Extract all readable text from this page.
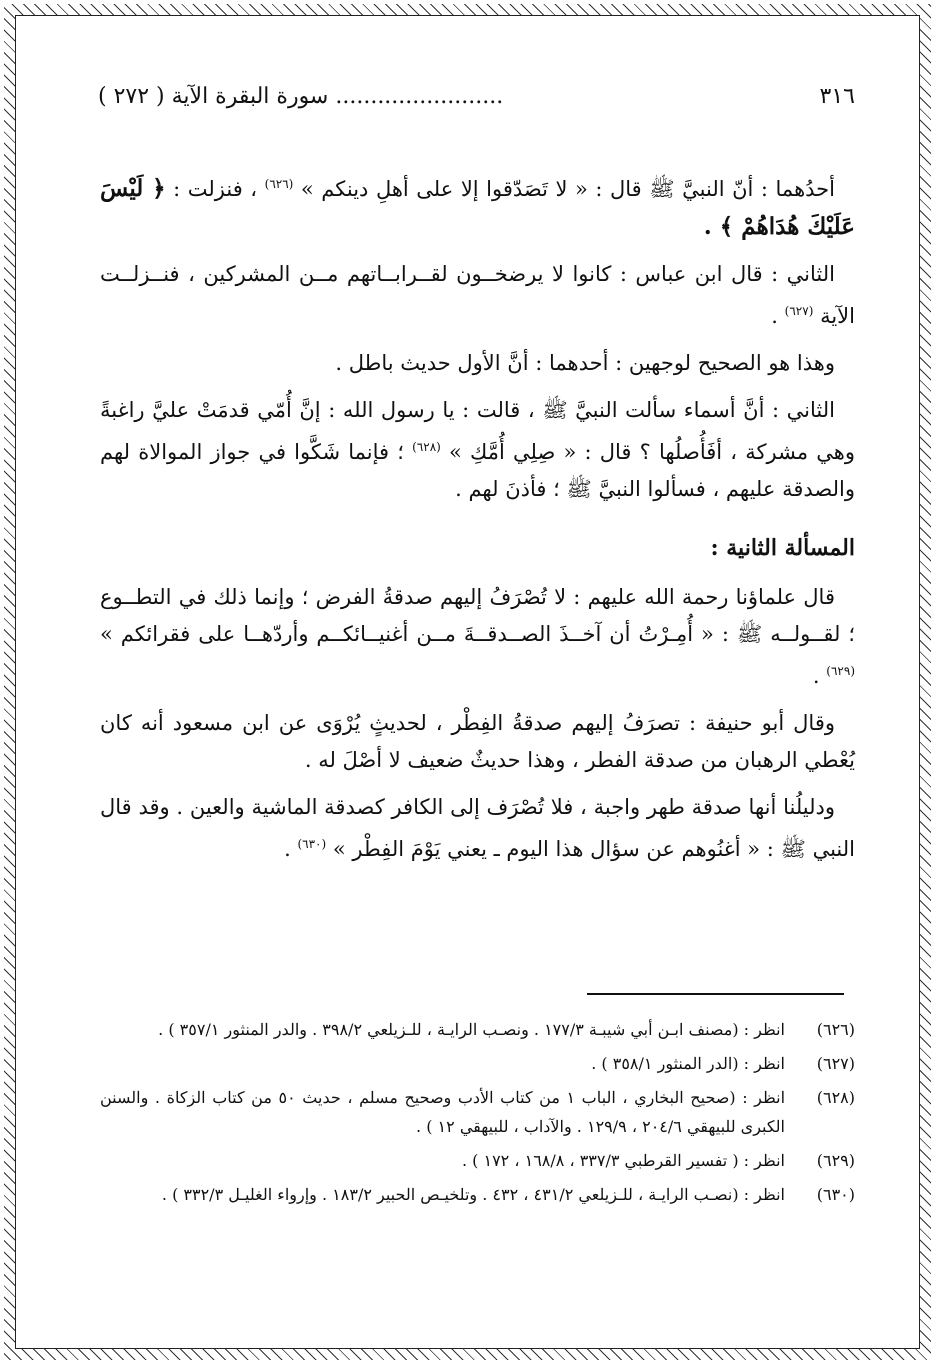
٣١٦
........................ سورة البقرة الآية ( ٢٧٢ )

أحدُهما : أنّ النبيَّ ﷺ قال : « لا تَصَدّقوا إلا على أهلِ دينكم » $^{(٦٢٦)}$ ، فنزلت : ﴿ لَيْسَ عَلَيْكَ هُدَاهُمْ ﴾ .

الثاني : قال ابن عباس : كانوا لا يرضخــون لقــرابــاتهم مــن المشركين ، فنــزلــت الآية $^{(٦٢٧)}$ .

وهذا هو الصحيح لوجهين : أحدهما : أنَّ الأول حديث باطل .

الثاني : أنَّ أسماء سألت النبيَّ ﷺ ، قالت : يا رسول الله : إنَّ أُمّي قدمَتْ عليَّ راغبةً وهي مشركة ، أفَأُصلُها ؟ قال : « صِلِي أُمَّكِ » $^{(٦٢٨)}$ ؛ فإنما شَكَّوا في جواز الموالاة لهم والصدقة عليهم ، فسألوا النبيَّ ﷺ ؛ فأذنَ لهم .

المسألة الثانية :

قال علماؤنا رحمة الله عليهم : لا تُصْرَفُ إليهم صدقةُ الفرض ؛ وإنما ذلك في التطــوع ؛ لقــولــه ﷺ : « أُمِـرْتُ أن آخــذَ الصــدقــةَ مــن أغنيــائكــم وأردّهــا على فقرائكم » $^{(٦٢٩)}$ .

وقال أبو حنيفة : تصرَفُ إليهم صدقةُ الفِطْر ، لحديثٍ يُرْوَى عن ابن مسعود أنه كان يُعْطي الرهبان من صدقة الفطر ، وهذا حديثٌ ضعيف لا أصْلَ له .

ودليلُنا أنها صدقة طهر واجبة ، فلا تُصْرَف إلى الكافر كصدقة الماشية والعين . وقد قال النبي ﷺ : « أغنُوهم عن سؤال هذا اليوم ـ يعني يَوْمَ الفِطْر » $^{(٦٣٠)}$ .

(٦٢٦)
انظر : (مصنف ابـن أبي شيبـة ١٧٧/٣ . ونصـب الرايـة ، للـزيلعي ٣٩٨/٢ . والدر المنثور ٣٥٧/١ ) .
(٦٢٧)
انظر : (الدر المنثور ٣٥٨/١ ) .
(٦٢٨)
انظر : (صحيح البخاري ، الباب ١ من كتاب الأدب وصحيح مسلم ، حديث ٥٠ من كتاب الزكاة . والسنن الكبرى للبيهقي ٢٠٤/٦ ، ١٢٩/٩ . والآداب ، للبيهقي ١٢ ) .
(٦٢٩)
انظر : ( تفسير القرطبي ٣٣٧/٣ ، ١٦٨/٨ ، ١٧٢ ) .
(٦٣٠)
انظر : (نصـب الرايـة ، للـزيلعي ٤٣١/٢ ، ٤٣٢ . وتلخيـص الحبير ١٨٣/٢ . وإرواء الغليـل ٣٣٢/٣ ) .
